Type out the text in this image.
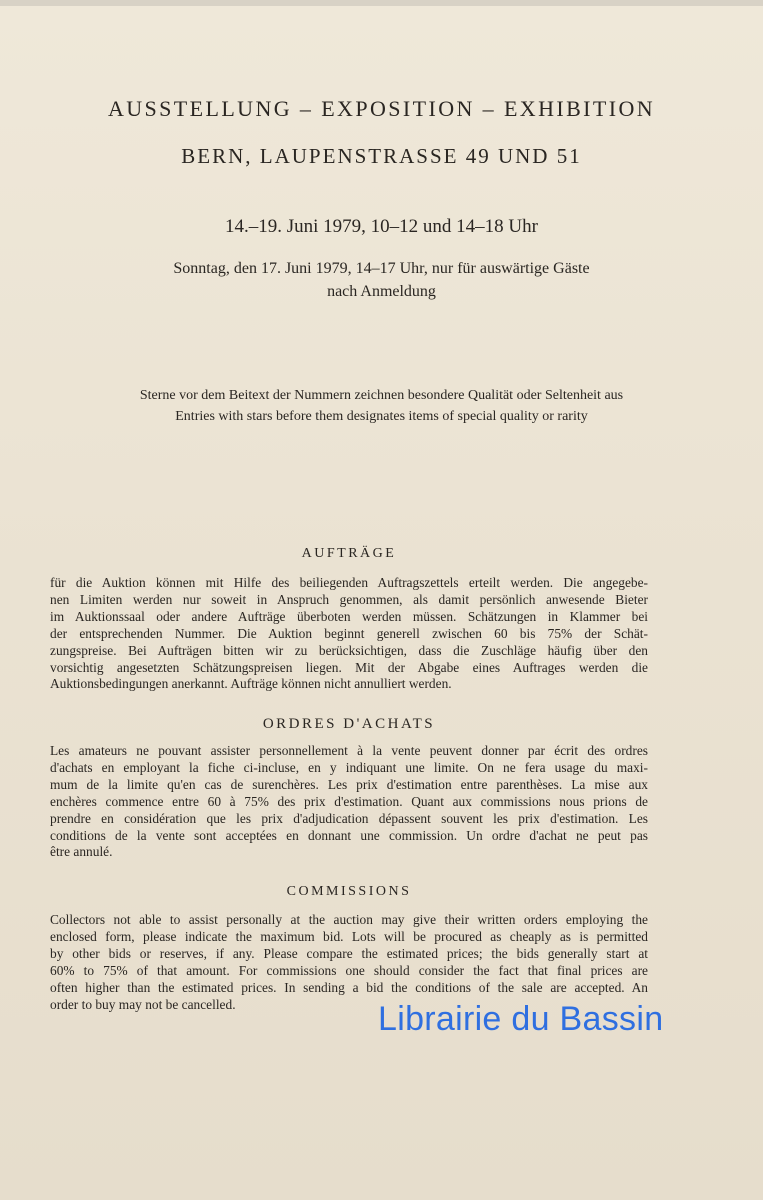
AUSSTELLUNG – EXPOSITION – EXHIBITION
BERN, LAUPENSTRASSE 49 UND 51
14.–19. Juni 1979, 10–12 und 14–18 Uhr
Sonntag, den 17. Juni 1979, 14–17 Uhr, nur für auswärtige Gäste
nach Anmeldung
Sterne vor dem Beitext der Nummern zeichnen besondere Qualität oder Seltenheit aus
Entries with stars before them designates items of special quality or rarity
AUFTRÄGE
für die Auktion können mit Hilfe des beiliegenden Auftragszettels erteilt werden. Die angegebe-
nen Limiten werden nur soweit in Anspruch genommen, als damit persönlich anwesende Bieter
im Auktionssaal oder andere Aufträge überboten werden müssen. Schätzungen in Klammer bei
der entsprechenden Nummer. Die Auktion beginnt generell zwischen 60 bis 75% der Schät-
zungspreise. Bei Aufträgen bitten wir zu berücksichtigen, dass die Zuschläge häufig über den
vorsichtig angesetzten Schätzungspreisen liegen. Mit der Abgabe eines Auftrages werden die
Auktionsbedingungen anerkannt. Aufträge können nicht annulliert werden.
ORDRES D'ACHATS
Les amateurs ne pouvant assister personnellement à la vente peuvent donner par écrit des ordres
d'achats en employant la fiche ci-incluse, en y indiquant une limite. On ne fera usage du maxi-
mum de la limite qu'en cas de surenchères. Les prix d'estimation entre parenthèses. La mise aux
enchères commence entre 60 à 75% des prix d'estimation. Quant aux commissions nous prions de
prendre en considération que les prix d'adjudication dépassent souvent les prix d'estimation. Les
conditions de la vente sont acceptées en donnant une commission. Un ordre d'achat ne peut pas
être annulé.
COMMISSIONS
Collectors not able to assist personally at the auction may give their written orders employing the
enclosed form, please indicate the maximum bid. Lots will be procured as cheaply as is permitted
by other bids or reserves, if any. Please compare the estimated prices; the bids generally start at
60% to 75% of that amount. For commissions one should consider the fact that final prices are
often higher than the estimated prices. In sending a bid the conditions of the sale are accepted. An
order to buy may not be cancelled.	Librairie du Bassin
